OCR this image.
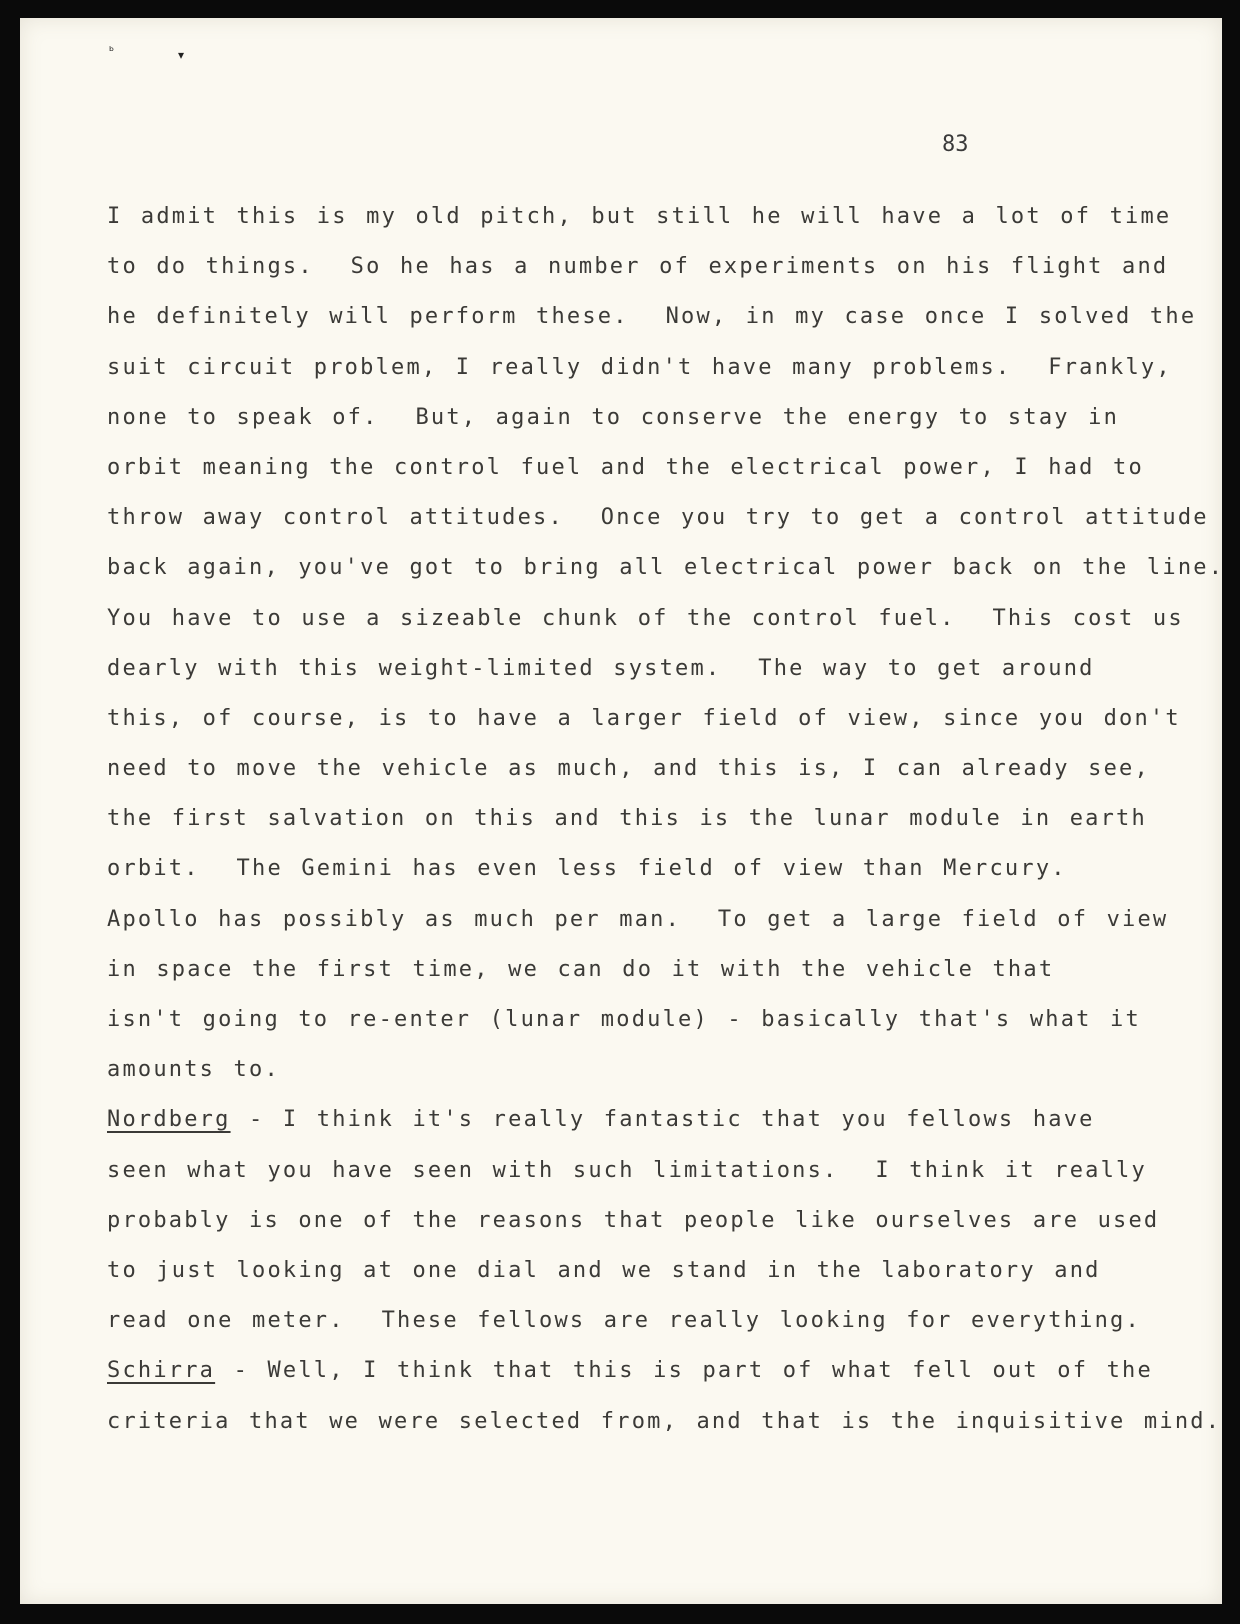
ᵇ	▾
83
I admit this is my old pitch, but still he will have a lot of time
to do things.  So he has a number of experiments on his flight and
he definitely will perform these.  Now, in my case once I solved the
suit circuit problem, I really didn't have many problems.  Frankly,
none to speak of.  But, again to conserve the energy to stay in
orbit meaning the control fuel and the electrical power, I had to
throw away control attitudes.  Once you try to get a control attitude
back again, you've got to bring all electrical power back on the line.
You have to use a sizeable chunk of the control fuel.  This cost us
dearly with this weight-limited system.  The way to get around
this, of course, is to have a larger field of view, since you don't
need to move the vehicle as much, and this is, I can already see,
the first salvation on this and this is the lunar module in earth
orbit.  The Gemini has even less field of view than Mercury.
Apollo has possibly as much per man.  To get a large field of view
in space the first time, we can do it with the vehicle that
isn't going to re-enter (lunar module) - basically that's what it
amounts to.
Nordberg - I think it's really fantastic that you fellows have
seen what you have seen with such limitations.  I think it really
probably is one of the reasons that people like ourselves are used
to just looking at one dial and we stand in the laboratory and
read one meter.  These fellows are really looking for everything.
Schirra - Well, I think that this is part of what fell out of the
criteria that we were selected from, and that is the inquisitive mind.
